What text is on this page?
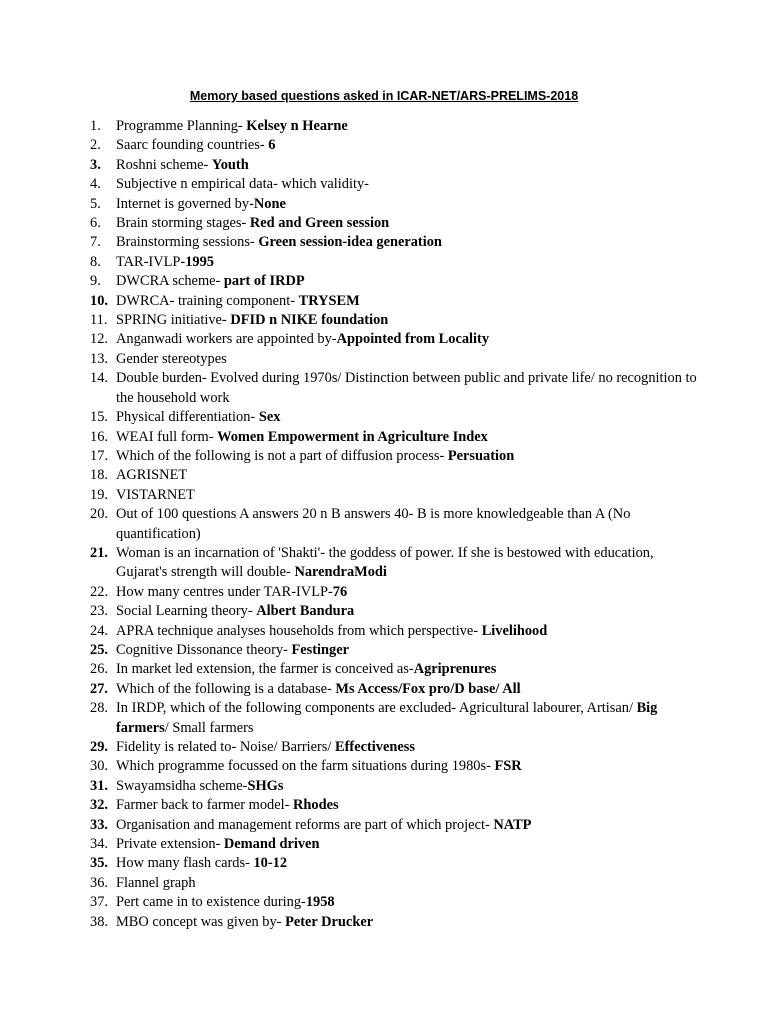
Memory based questions asked in ICAR-NET/ARS-PRELIMS-2018
1. Programme Planning- Kelsey n Hearne
2. Saarc founding countries- 6
3. Roshni scheme- Youth
4. Subjective n empirical data- which validity-
5. Internet is governed by-None
6. Brain storming stages- Red and Green session
7. Brainstorming sessions- Green session-idea generation
8. TAR-IVLP-1995
9. DWCRA scheme- part of IRDP
10. DWRCA- training component- TRYSEM
11. SPRING initiative- DFID n NIKE foundation
12. Anganwadi workers are appointed by-Appointed from Locality
13. Gender stereotypes
14. Double burden- Evolved during 1970s/ Distinction between public and private life/ no recognition to the household work
15. Physical differentiation- Sex
16. WEAI full form- Women Empowerment in Agriculture Index
17. Which of the following is not a part of diffusion process- Persuation
18. AGRISNET
19. VISTARNET
20. Out of 100 questions A answers 20 n B answers 40- B is more knowledgeable than A (No quantification)
21. Woman is an incarnation of 'Shakti'- the goddess of power. If she is bestowed with education, Gujarat's strength will double- NarendraModi
22. How many centres under TAR-IVLP-76
23. Social Learning theory- Albert Bandura
24. APRA technique analyses households from which perspective- Livelihood
25. Cognitive Dissonance theory- Festinger
26. In market led extension, the farmer is conceived as-Agriprenures
27. Which of the following is a database- Ms Access/Fox pro/D base/ All
28. In IRDP, which of the following components are excluded- Agricultural labourer, Artisan/ Big farmers/ Small farmers
29. Fidelity is related to- Noise/ Barriers/ Effectiveness
30. Which programme focussed on the farm situations during 1980s- FSR
31. Swayamsidha scheme-SHGs
32. Farmer back to farmer model- Rhodes
33. Organisation and management reforms are part of which project- NATP
34. Private extension- Demand driven
35. How many flash cards- 10-12
36. Flannel graph
37. Pert came in to existence during-1958
38. MBO concept was given by- Peter Drucker
